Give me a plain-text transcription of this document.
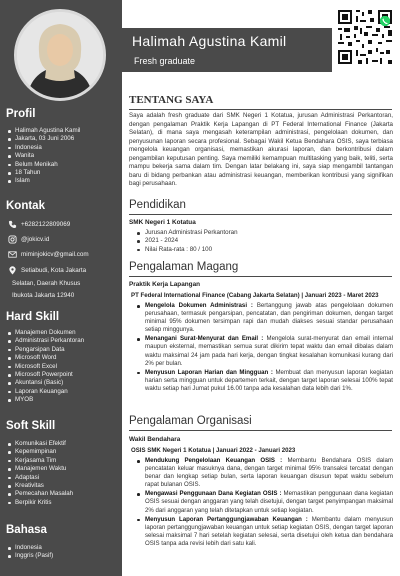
Profil
Halimah Agustina Kamil
Jakarta, 03 Juni 2006
Indonesia
Wanita
Belum Menikah
18 Tahun
Islam
Kontak
+6282122809069
@jokicv.id
miminjokicv@gmail.com
Setiabudi, Kota Jakarta
Selatan, Daerah Khusus
Ibukota Jakarta 12940
Hard Skill
Manajemen Dokumen
Administrasi Perkantoran
Pengarsipan Data
Microsoft Word
Microsoft Excel
Microsoft Powerpoint
Akuntansi (Basic)
Laporan Keuangan
MYOB
Soft Skill
Komunikasi Efektif
Kepemimpinan
Kerjasama Tim
Manajemen Waktu
Adaptasi
Kreativitas
Pemecahan Masalah
Berpikir Kritis
Bahasa
Indonesia
Inggris (Pasif)
Halimah Agustina Kamil
Fresh graduate
TENTANG SAYA
Saya adalah fresh graduate dari SMK Negeri 1 Kotatua, jurusan Administrasi Perkantoran, dengan pengalaman Praktik Kerja Lapangan di PT Federal International Finance (Jakarta Selatan), di mana saya mengasah keterampilan administrasi, pengelolaan dokumen, dan penyusunan laporan secara profesional. Sebagai Wakil Ketua Bendahara OSIS, saya terbiasa mengelola keuangan organisasi, memastikan akurasi laporan, dan berkontribusi dalam pengambilan keputusan penting. Saya memiliki kemampuan multitasking yang baik, teliti, serta mampu bekerja sama dalam tim. Dengan latar belakang ini, saya siap mengambil tantangan baru di bidang perbankan atau administrasi keuangan, memberikan kontribusi yang signifikan bagi perusahaan.
Pendidikan
SMK Negeri 1 Kotatua
Jurusan Administrasi Perkantoran
2021 - 2024
Nilai Rata-rata : 80 / 100
Pengalaman Magang
Praktik Kerja Lapangan
PT Federal International Finance (Cabang Jakarta Selatan) | Januari 2023 - Maret 2023
Mengelola Dokumen Administrasi : Bertanggung jawab atas pengelolaan dokumen perusahaan, termasuk pengarsipan, pencatatan, dan pengiriman dokumen, dengan target minimal 95% dokumen tersimpan rapi dan mudah diakses sesuai standar perusahaan setiap minggunya.
Menangani Surat-Menyurat dan Email : Mengelola surat-menyurat dan email internal maupun eksternal, memastikan semua surat dikirim tepat waktu dan email dibalas dalam waktu maksimal 24 jam pada hari kerja, dengan tingkat kesalahan komunikasi kurang dari 2% per bulan.
Menyusun Laporan Harian dan Mingguan : Membuat dan menyusun laporan kegiatan harian serta mingguan untuk departemen terkait, dengan target laporan selesai 100% tepat waktu setiap hari Jumat pukul 16.00 tanpa ada kesalahan data lebih dari 1%.
Pengalaman Organisasi
Wakil Bendahara
OSIS SMK Negeri 1 Kotatua | Januari 2022 - Januari 2023
Mendukung Pengelolaan Keuangan OSIS : Membantu Bendahara OSIS dalam pencatatan keluar masuknya dana, dengan target minimal 95% transaksi tercatat dengan benar dan lengkap setiap bulan, serta laporan keuangan disusun tepat waktu sebelum rapat bulanan OSIS.
Mengawasi Penggunaan Dana Kegiatan OSIS : Memastikan penggunaan dana kegiatan OSIS sesuai dengan anggaran yang telah disetujui, dengan target penyimpangan maksimal 2% dari anggaran yang telah ditetapkan untuk setiap kegiatan.
Menyusun Laporan Pertanggungjawaban Keuangan : Membantu dalam menyusun laporan pertanggungjawaban keuangan untuk setiap kegiatan OSIS, dengan target laporan selesai maksimal 7 hari setelah kegiatan selesai, serta disetujui oleh ketua dan bendahara OSIS tanpa ada revisi lebih dari satu kali.
